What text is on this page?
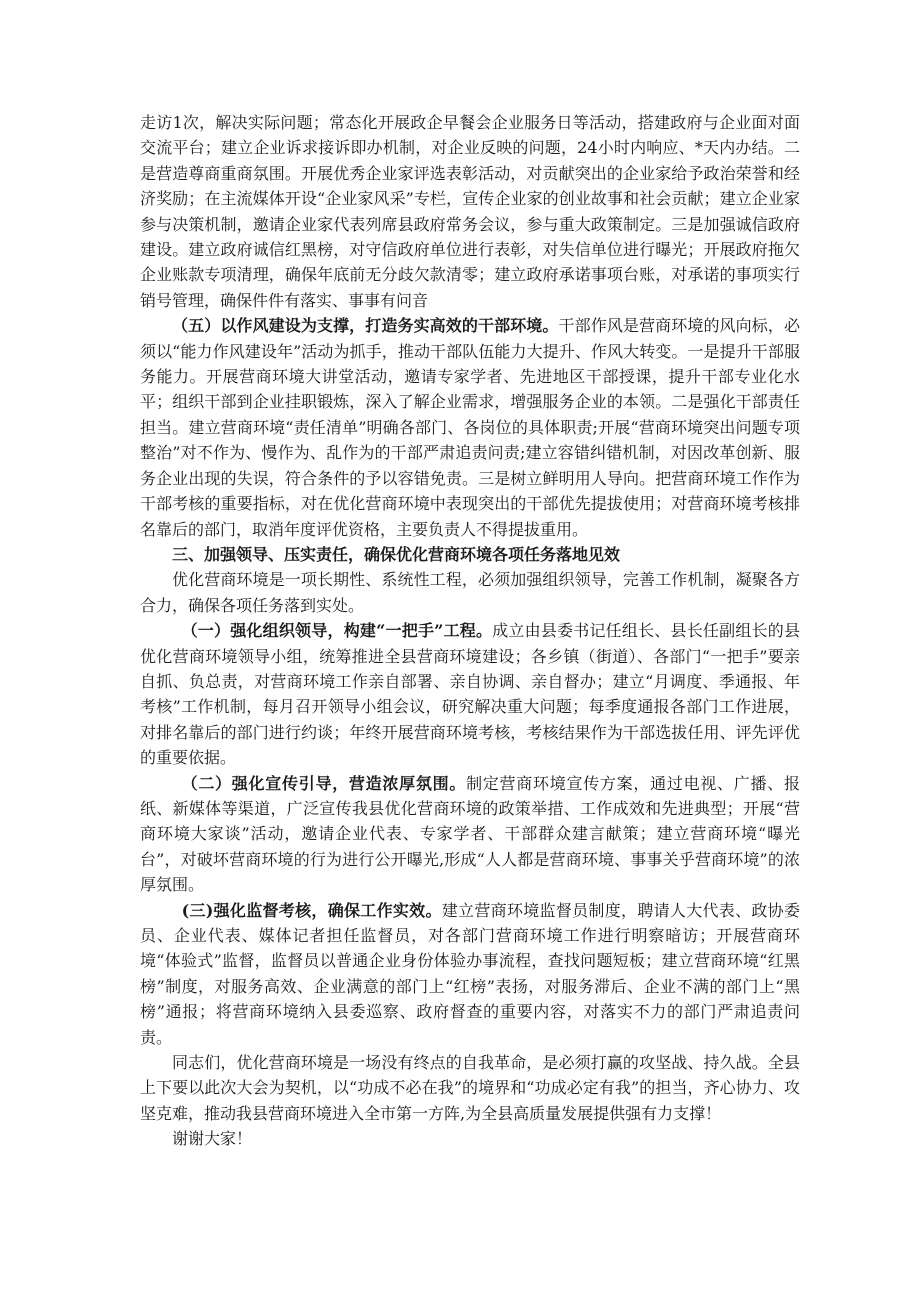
走访1次，解决实际问题；常态化开展政企早餐会企业服务日等活动，搭建政府与企业面对面交流平台；建立企业诉求接诉即办机制，对企业反映的问题，24小时内响应、*天内办结。二是营造尊商重商氛围。开展优秀企业家评选表彰活动，对贡献突出的企业家给予政治荣誉和经济奖励；在主流媒体开设“企业家风采”专栏，宣传企业家的创业故事和社会贡献；建立企业家参与决策机制，邀请企业家代表列席县政府常务会议，参与重大政策制定。三是加强诚信政府建设。建立政府诚信红黑榜，对守信政府单位进行表彰，对失信单位进行曝光；开展政府拖欠企业账款专项清理，确保年底前无分歧欠款清零；建立政府承诺事项台账，对承诺的事项实行销号管理，确保件件有落实、事事有问音

（五）以作风建设为支撑，打造务实高效的干部环境。干部作风是营商环境的风向标，必须以“能力作风建设年”活动为抓手，推动干部队伍能力大提升、作风大转变。一是提升干部服务能力。开展营商环境大讲堂活动，邀请专家学者、先进地区干部授课，提升干部专业化水平；组织干部到企业挂职锻炼，深入了解企业需求，增强服务企业的本领。二是强化干部责任担当。建立营商环境“责任清单”明确各部门、各岗位的具体职责;开展“营商环境突出问题专项整治”对不作为、慢作为、乱作为的干部严肃追责问责;建立容错纠错机制，对因改革创新、服务企业出现的失误，符合条件的予以容错免责。三是树立鲜明用人导向。把营商环境工作作为干部考核的重要指标，对在优化营商环境中表现突出的干部优先提拔使用；对营商环境考核排名靠后的部门，取消年度评优资格，主要负责人不得提拔重用。

三、加强领导、压实责任，确保优化营商环境各项任务落地见效

优化营商环境是一项长期性、系统性工程，必须加强组织领导，完善工作机制，凝聚各方合力，确保各项任务落到实处。

（一）强化组织领导，构建“一把手”工程。成立由县委书记任组长、县长任副组长的县优化营商环境领导小组，统筹推进全县营商环境建设；各乡镇（街道）、各部门“一把手”要亲自抓、负总责，对营商环境工作亲自部署、亲自协调、亲自督办；建立“月调度、季通报、年考核”工作机制，每月召开领导小组会议，研究解决重大问题；每季度通报各部门工作进展，对排名靠后的部门进行约谈；年终开展营商环境考核，考核结果作为干部选拔任用、评先评优的重要依据。

（二）强化宣传引导，营造浓厚氛围。制定营商环境宣传方案，通过电视、广播、报纸、新媒体等渠道，广泛宣传我县优化营商环境的政策举措、工作成效和先进典型；开展“营商环境大家谈”活动，邀请企业代表、专家学者、干部群众建言献策；建立营商环境“曝光台”，对破坏营商环境的行为进行公开曝光,形成“人人都是营商环境、事事关乎营商环境”的浓厚氛围。

(三)强化监督考核，确保工作实效。建立营商环境监督员制度，聘请人大代表、政协委员、企业代表、媒体记者担任监督员，对各部门营商环境工作进行明察暗访；开展营商环境“体验式”监督，监督员以普通企业身份体验办事流程，查找问题短板；建立营商环境“红黑榜”制度，对服务高效、企业满意的部门上“红榜”表扬，对服务滞后、企业不满的部门上“黑榜”通报；将营商环境纳入县委巡察、政府督查的重要内容，对落实不力的部门严肃追责问责。

同志们，优化营商环境是一场没有终点的自我革命，是必须打赢的攻坚战、持久战。全县上下要以此次大会为契机，以“功成不必在我”的境界和“功成必定有我”的担当，齐心协力、攻坚克难，推动我县营商环境进入全市第一方阵,为全县高质量发展提供强有力支撑！

谢谢大家！
